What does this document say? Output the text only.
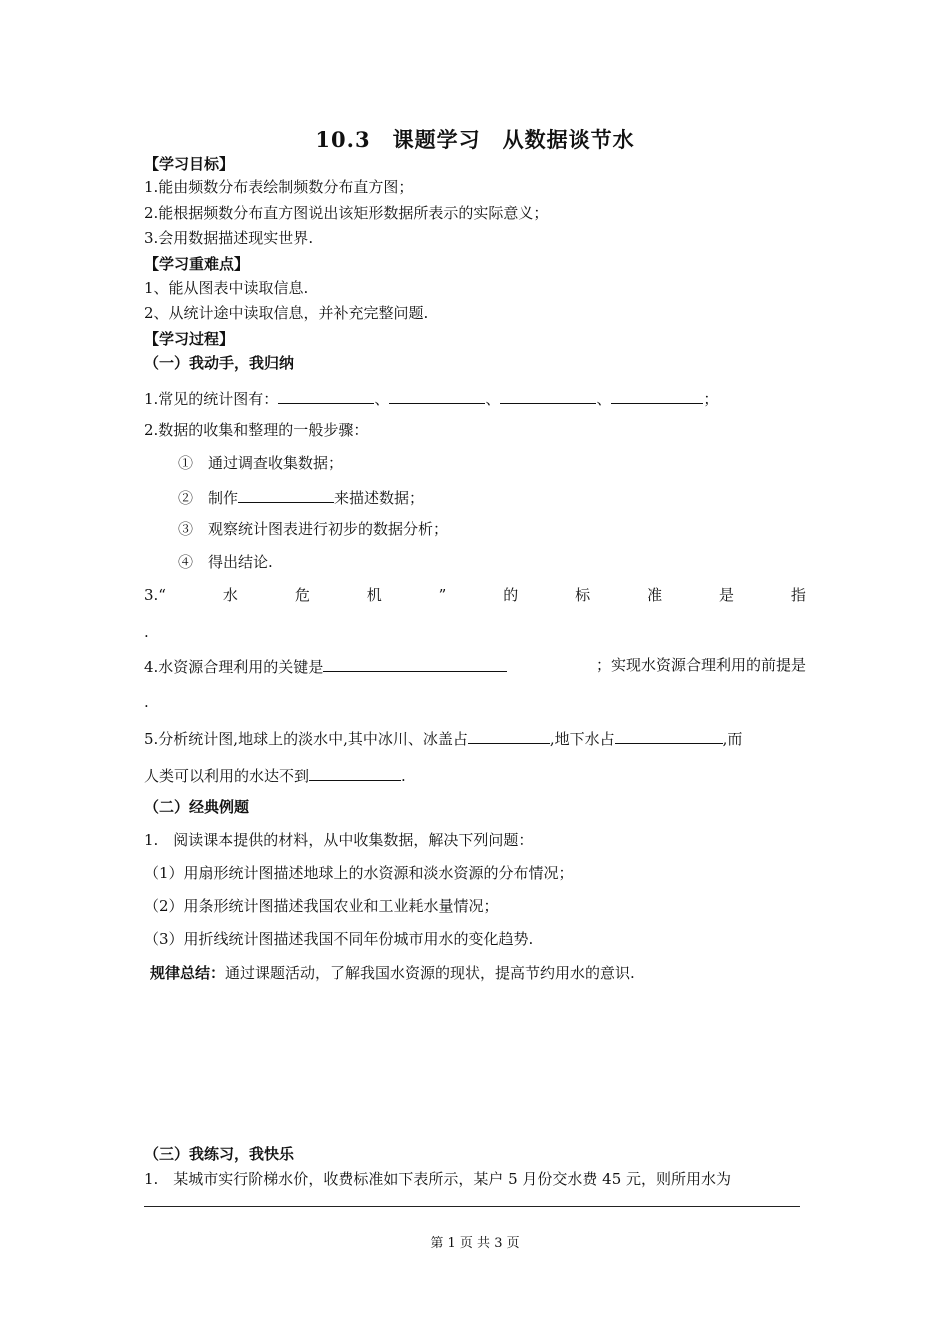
10.3　课题学习　从数据谈节水
【学习目标】
1.能由频数分布表绘制频数分布直方图；
2.能根据频数分布直方图说出该矩形数据所表示的实际意义；
3.会用数据描述现实世界.
【学习重难点】
1、能从图表中读取信息.
2、从统计途中读取信息，并补充完整问题.
【学习过程】
（一）我动手，我归纳
1.常见的统计图有：	、	、	、	；
2.数据的收集和整理的一般步骤：
①　通过调查收集数据；
②　制作	来描述数据；
③　观察统计图表进行初步的数据分析；
④　得出结论.
3.“	水	危	机	”	的	标	准	是	指
.
4.水资源合理利用的关键是	；实现水资源合理利用的前提是
.
5.分析统计图,地球上的淡水中,其中冰川、冰盖占	,地下水占	,而
人类可以利用的水达不到	.
（二）经典例题
1.　阅读课本提供的材料，从中收集数据，解决下列问题：
（1）用扇形统计图描述地球上的水资源和淡水资源的分布情况；
（2）用条形统计图描述我国农业和工业耗水量情况；
（3）用折线统计图描述我国不同年份城市用水的变化趋势.
规律总结：通过课题活动，了解我国水资源的现状，提高节约用水的意识.
（三）我练习，我快乐
1.　某城市实行阶梯水价，收费标准如下表所示，某户 5 月份交水费 45 元，则所用水为
第 1 页 共 3 页
